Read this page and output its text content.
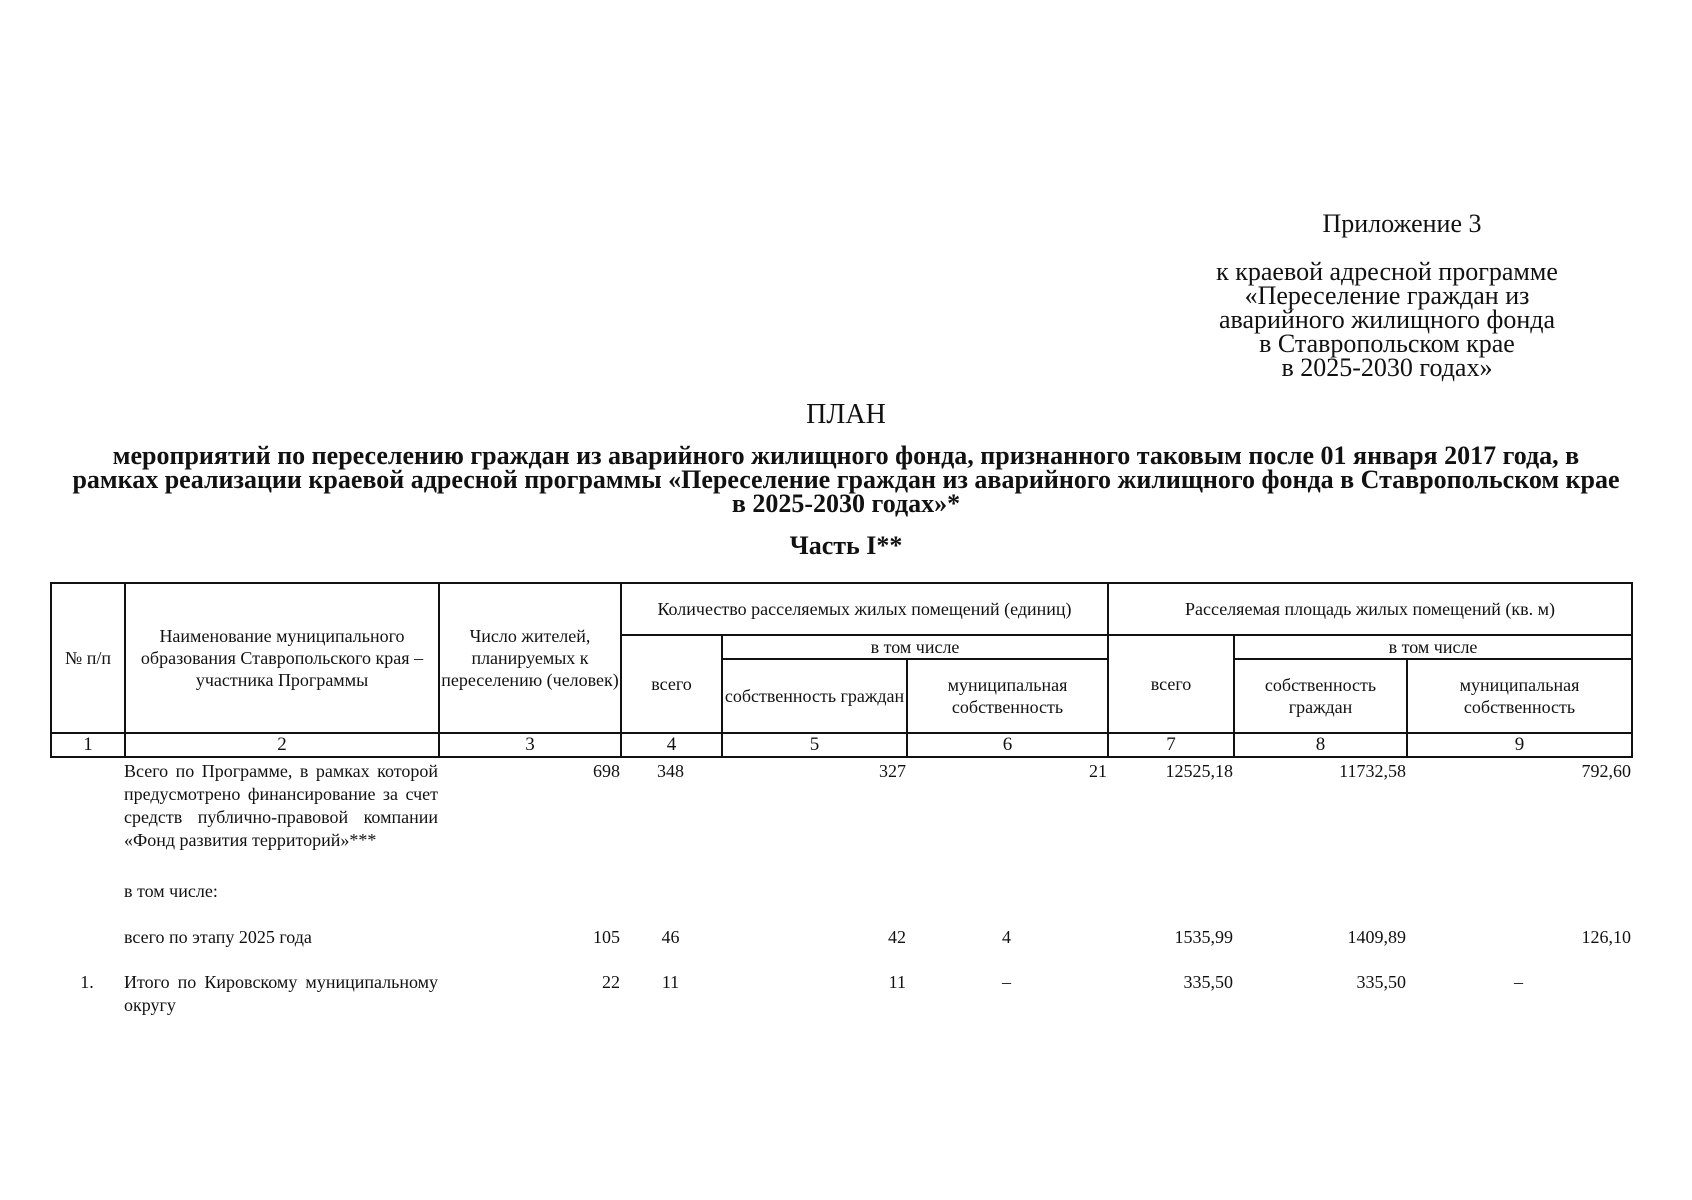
Приложение 3
к краевой адресной программе
«Переселение граждан из
аварийного жилищного фонда
в Ставропольском крае
в 2025-2030 годах»
ПЛАН
мероприятий по переселению граждан из аварийного жилищного фонда, признанного таковым после 01 января 2017 года, в
рамках реализации краевой адресной программы «Переселение граждан из аварийного жилищного фонда в Ставропольском крае
в 2025-2030 годах»*
Часть I**
№ п/п	Наименование муниципального образования Ставропольского края – участника Программы	Число жителей, планируемых к переселению (человек)	Количество расселяемых жилых помещений (единиц)			Расселяемая площадь жилых помещений (кв. м)		
			всего	в том числе		всего	в том числе	
				собственность граждан	муниципальная собственность		собственность граждан	муниципальная собственность
1	2	3	4	5	6	7	8	9
	Всего по Программе, в рамках которой предусмотрено финансирование за счет средств публично-правовой компании «Фонд развития территорий»***	698	348	327	21	12525,18	11732,58	792,60

	в том числе:							
	всего по этапу 2025 года	105	46	42	4	1535,99	1409,89	126,10
1.	Итого по Кировскому муниципальному округу	22	11	11	–	335,50	335,50	–
